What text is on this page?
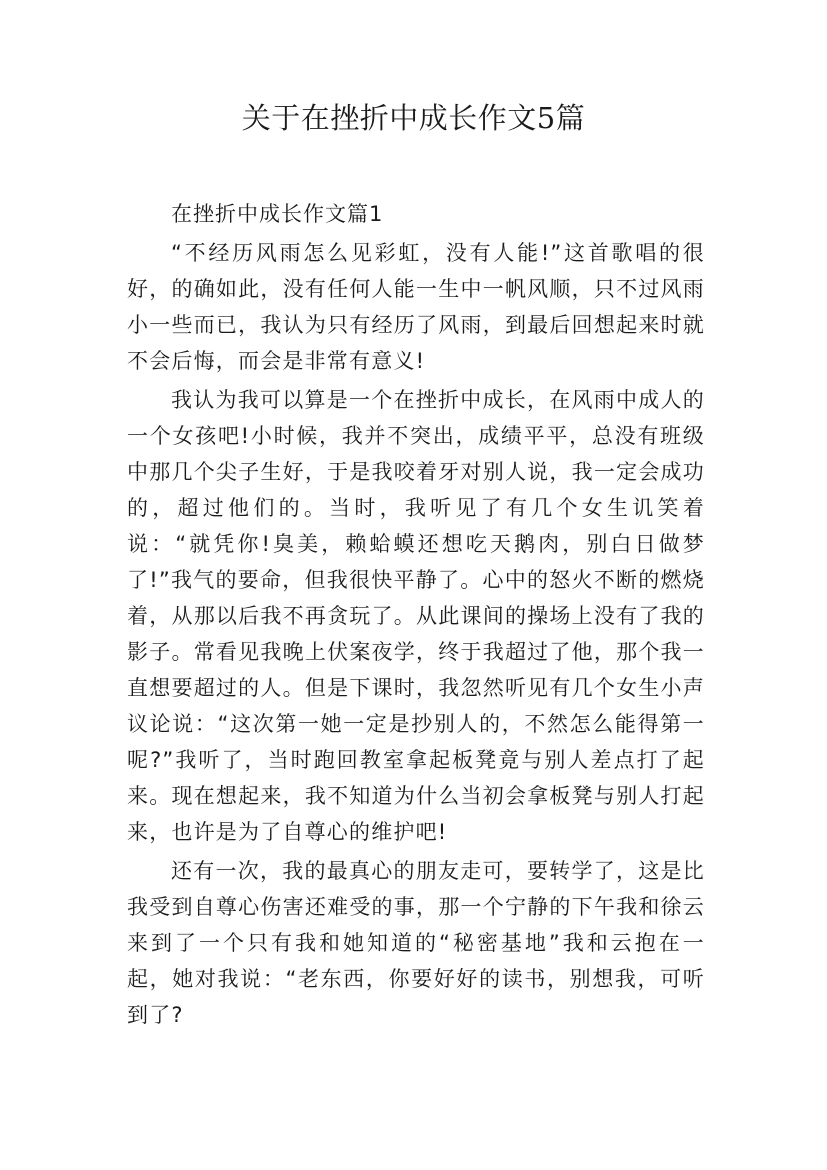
关于在挫折中成长作文5篇

在挫折中成长作文篇1

“不经历风雨怎么见彩虹，没有人能!”这首歌唱的很好，的确如此，没有任何人能一生中一帆风顺，只不过风雨小一些而已，我认为只有经历了风雨，到最后回想起来时就不会后悔，而会是非常有意义!

我认为我可以算是一个在挫折中成长，在风雨中成人的一个女孩吧!小时候，我并不突出，成绩平平，总没有班级中那几个尖子生好，于是我咬着牙对别人说，我一定会成功的，超过他们的。当时，我听见了有几个女生讥笑着说：“就凭你!臭美，赖蛤蟆还想吃天鹅肉，别白日做梦了!”我气的要命，但我很快平静了。心中的怒火不断的燃烧着，从那以后我不再贪玩了。从此课间的操场上没有了我的影子。常看见我晚上伏案夜学，终于我超过了他，那个我一直想要超过的人。但是下课时，我忽然听见有几个女生小声议论说：“这次第一她一定是抄别人的，不然怎么能得第一呢?”我听了，当时跑回教室拿起板凳竟与别人差点打了起来。现在想起来，我不知道为什么当初会拿板凳与别人打起来，也许是为了自尊心的维护吧!

还有一次，我的最真心的朋友走可，要转学了，这是比我受到自尊心伤害还难受的事，那一个宁静的下午我和徐云来到了一个只有我和她知道的“秘密基地”我和云抱在一起，她对我说：“老东西，你要好好的读书，别想我，可听到了?
